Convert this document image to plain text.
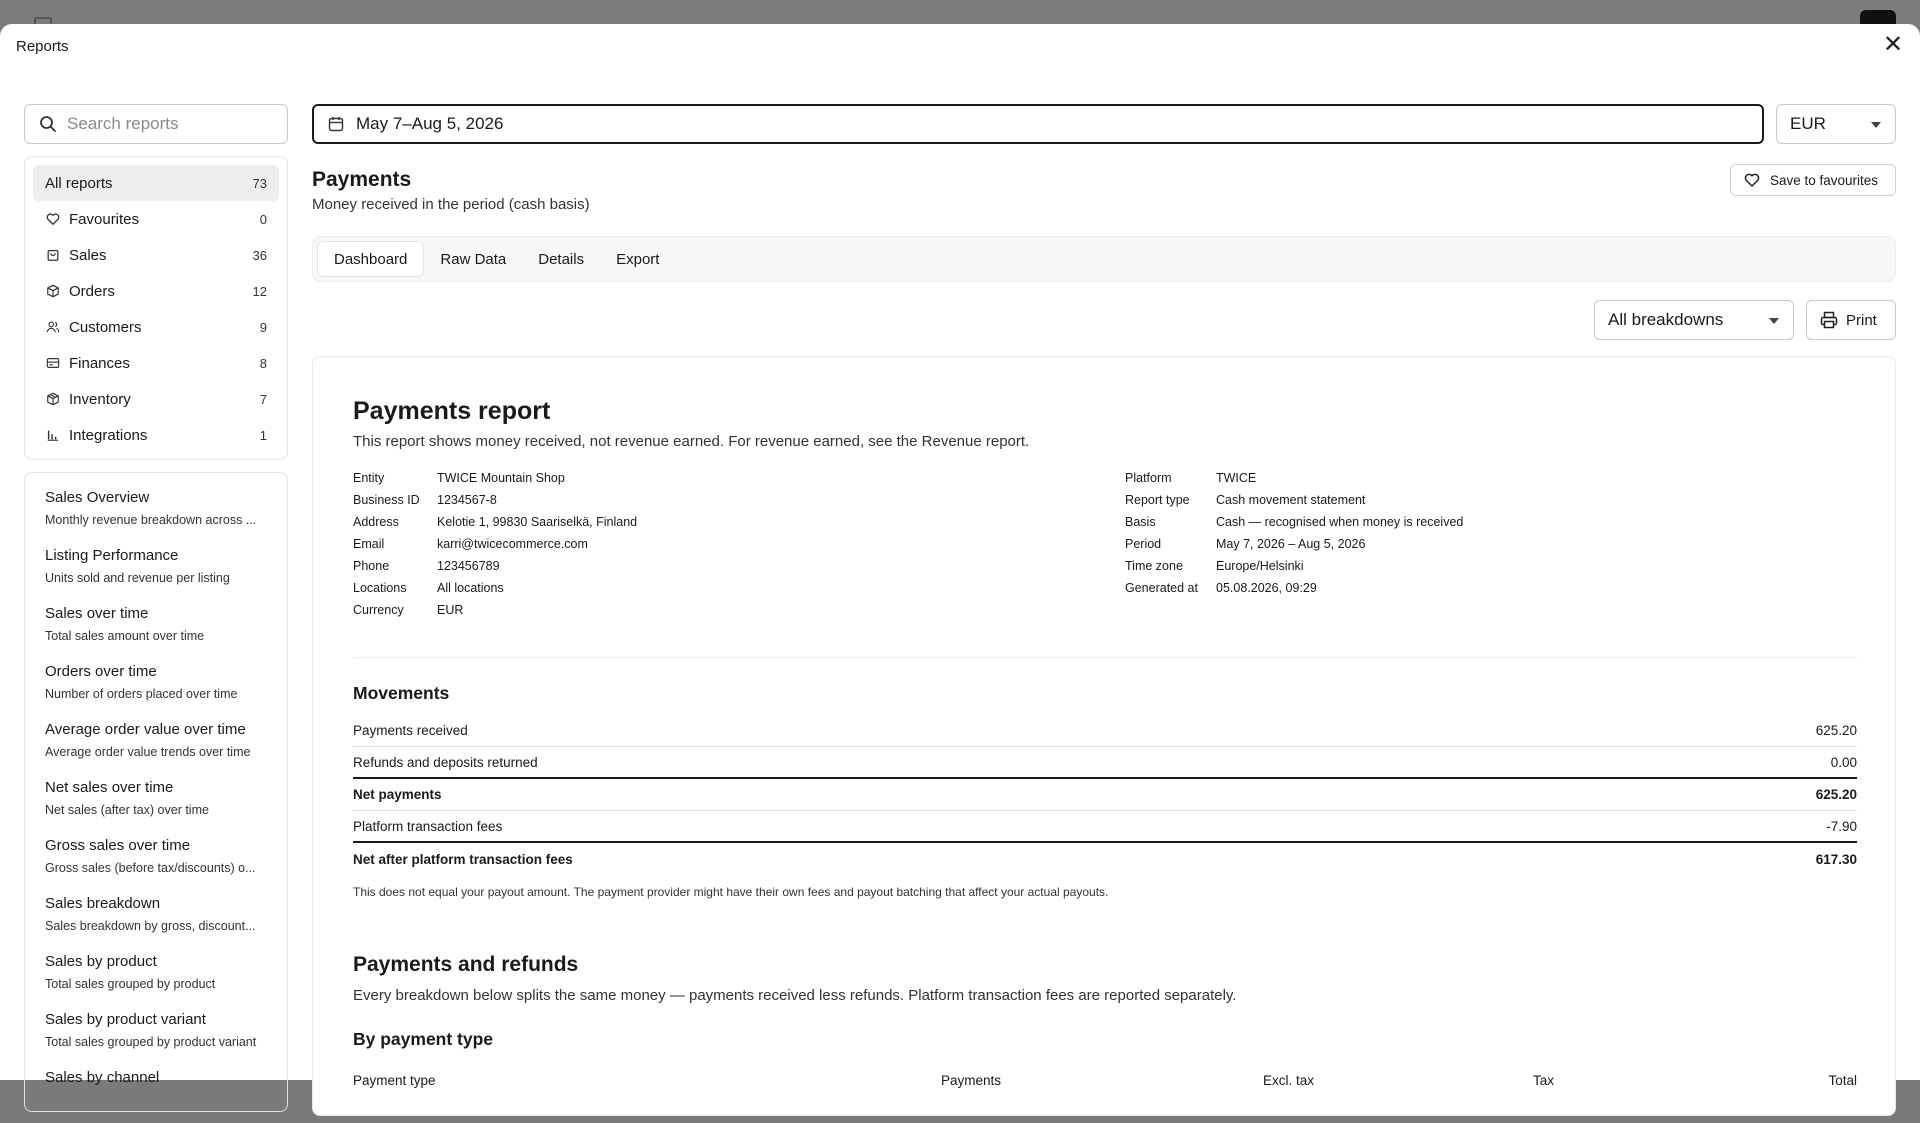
Reports	✕
Search reports
All reports	73
Favourites	0
Sales	36
Orders	12
Customers	9
Finances	8
Inventory	7
Integrations	1
Sales Overview
Monthly revenue breakdown across ...
Listing Performance
Units sold and revenue per listing
Sales over time
Total sales amount over time
Orders over time
Number of orders placed over time
Average order value over time
Average order value trends over time
Net sales over time
Net sales (after tax) over time
Gross sales over time
Gross sales (before tax/discounts) o...
Sales breakdown
Sales breakdown by gross, discount...
Sales by product
Total sales grouped by product
Sales by product variant
Total sales grouped by product variant
Sales by channel
May 7–Aug 5, 2026	EUR
Payments
Money received in the period (cash basis)
Save to favourites
Dashboard	Raw Data	Details	Export
All breakdowns	Print
Payments report
This report shows money received, not revenue earned. For revenue earned, see the Revenue report.
Entity	TWICE Mountain Shop
Business ID	1234567-8
Address	Kelotie 1, 99830 Saariselkä, Finland
Email	karri@twicecommerce.com
Phone	123456789
Locations	All locations
Currency	EUR
Platform	TWICE
Report type	Cash movement statement
Basis	Cash — recognised when money is received
Period	May 7, 2026 – Aug 5, 2026
Time zone	Europe/Helsinki
Generated at	05.08.2026, 09:29
Movements
Payments received	625.20
Refunds and deposits returned	0.00
Net payments	625.20
Platform transaction fees	-7.90
Net after platform transaction fees	617.30
This does not equal your payout amount. The payment provider might have their own fees and payout batching that affect your actual payouts.
Payments and refunds
Every breakdown below splits the same money — payments received less refunds. Platform transaction fees are reported separately.
By payment type
Payment type	Payments	Excl. tax	Tax	Total
